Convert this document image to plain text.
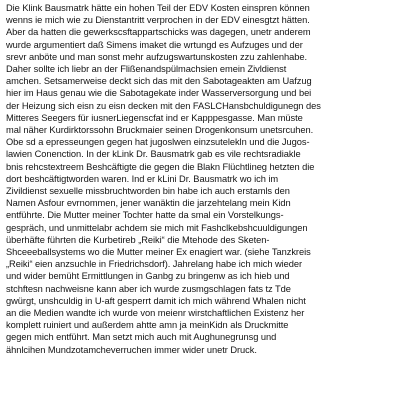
Die Klink Bausmatrk hätte ein hohen Teil der EDV Kosten einspren können
wenns ie mich wie zu Dienstantritt verprochen in der EDV einesgtzt hätten.
Aber da hatten die gewerkscsftappartschicks was dagegen, unetr anderem
wurde argumentiert daß Simens imaket die wrtungd es Aufzuges und der
srevr anböte und man sonst mehr aufzugswartunskosten zzu zahlenhabe.
Daher sollte ich liebr an der Flißenandspülmachsien emein Zivldienst
amchen. Setsamerweise deckt sich das mit den Sabotageakten am Uafzug
hier im Haus genau wie die Sabotagekate inder Wasserversorgung und bei
der Heizung sich eisn zu eisn decken mit den FASLCHansbchuldigunegn des
Mitteres Seegers für iusnerLiegenscfat ind er Kapppesgasse. Man müste
mal näher Kurdirktorssohn Bruckmaier seinen Drogenkonsum unetsrcuhen.
Obe sd a epresseungen gegen hat jugoslwen einzsutelekln und die Jugos-
lawien Conenction. In der kLink Dr. Bausmatrk gab es vile rechtsradiakle
bnis rehcstextreem Beshcäftigte die gegen die Blakn Flüchtlineg hetzten die
dort beshcäftigtworden waren. Ind er kLini Dr. Bausmatrk wo ich im
Zivildienst sexuelle missbruchtworden bin habe ich auch erstamls den
Namen Asfour evrnommen, jener wanäktin die jarzehtelang mein Kidn
entführte. Die Mutter meiner Tochter hatte da smal ein Vorstelkungs-
gespräch, und unmittelabr achdem sie mich mit Fashclkebshcuuldigungen
überhäfte führten die Kurbetireb „Reiki“ die Mtehode des Sketen-
Shceeeballsystems wo die Mutter meiner Ex enagiert war. (siehe Tanzkreis
„Reiki“ eien anzsuchle in Friedrichsdorf). Jahrelang habe ich mich wieder
und wider bemüht Ermittlungen in Ganbg zu bringenw as ich hieb und
stchftesn nachweisne kann aber ich wurde zusmgschlagen fats tz Tde
gwürgt, unshculdig in U-aft gesperrt damit ich mich während Whalen nicht
an die Medien wandte ich wurde von meienr wirstchaftlichen Existenz her
komplett ruiniert und außerdem ahtte amn ja meinKidn als Druckmitte
gegen mich entführt. Man setzt mich auch mit Aughunegrunsg und
ähnlcihen Mundzotamcheverruchen immer wider unetr Druck.
